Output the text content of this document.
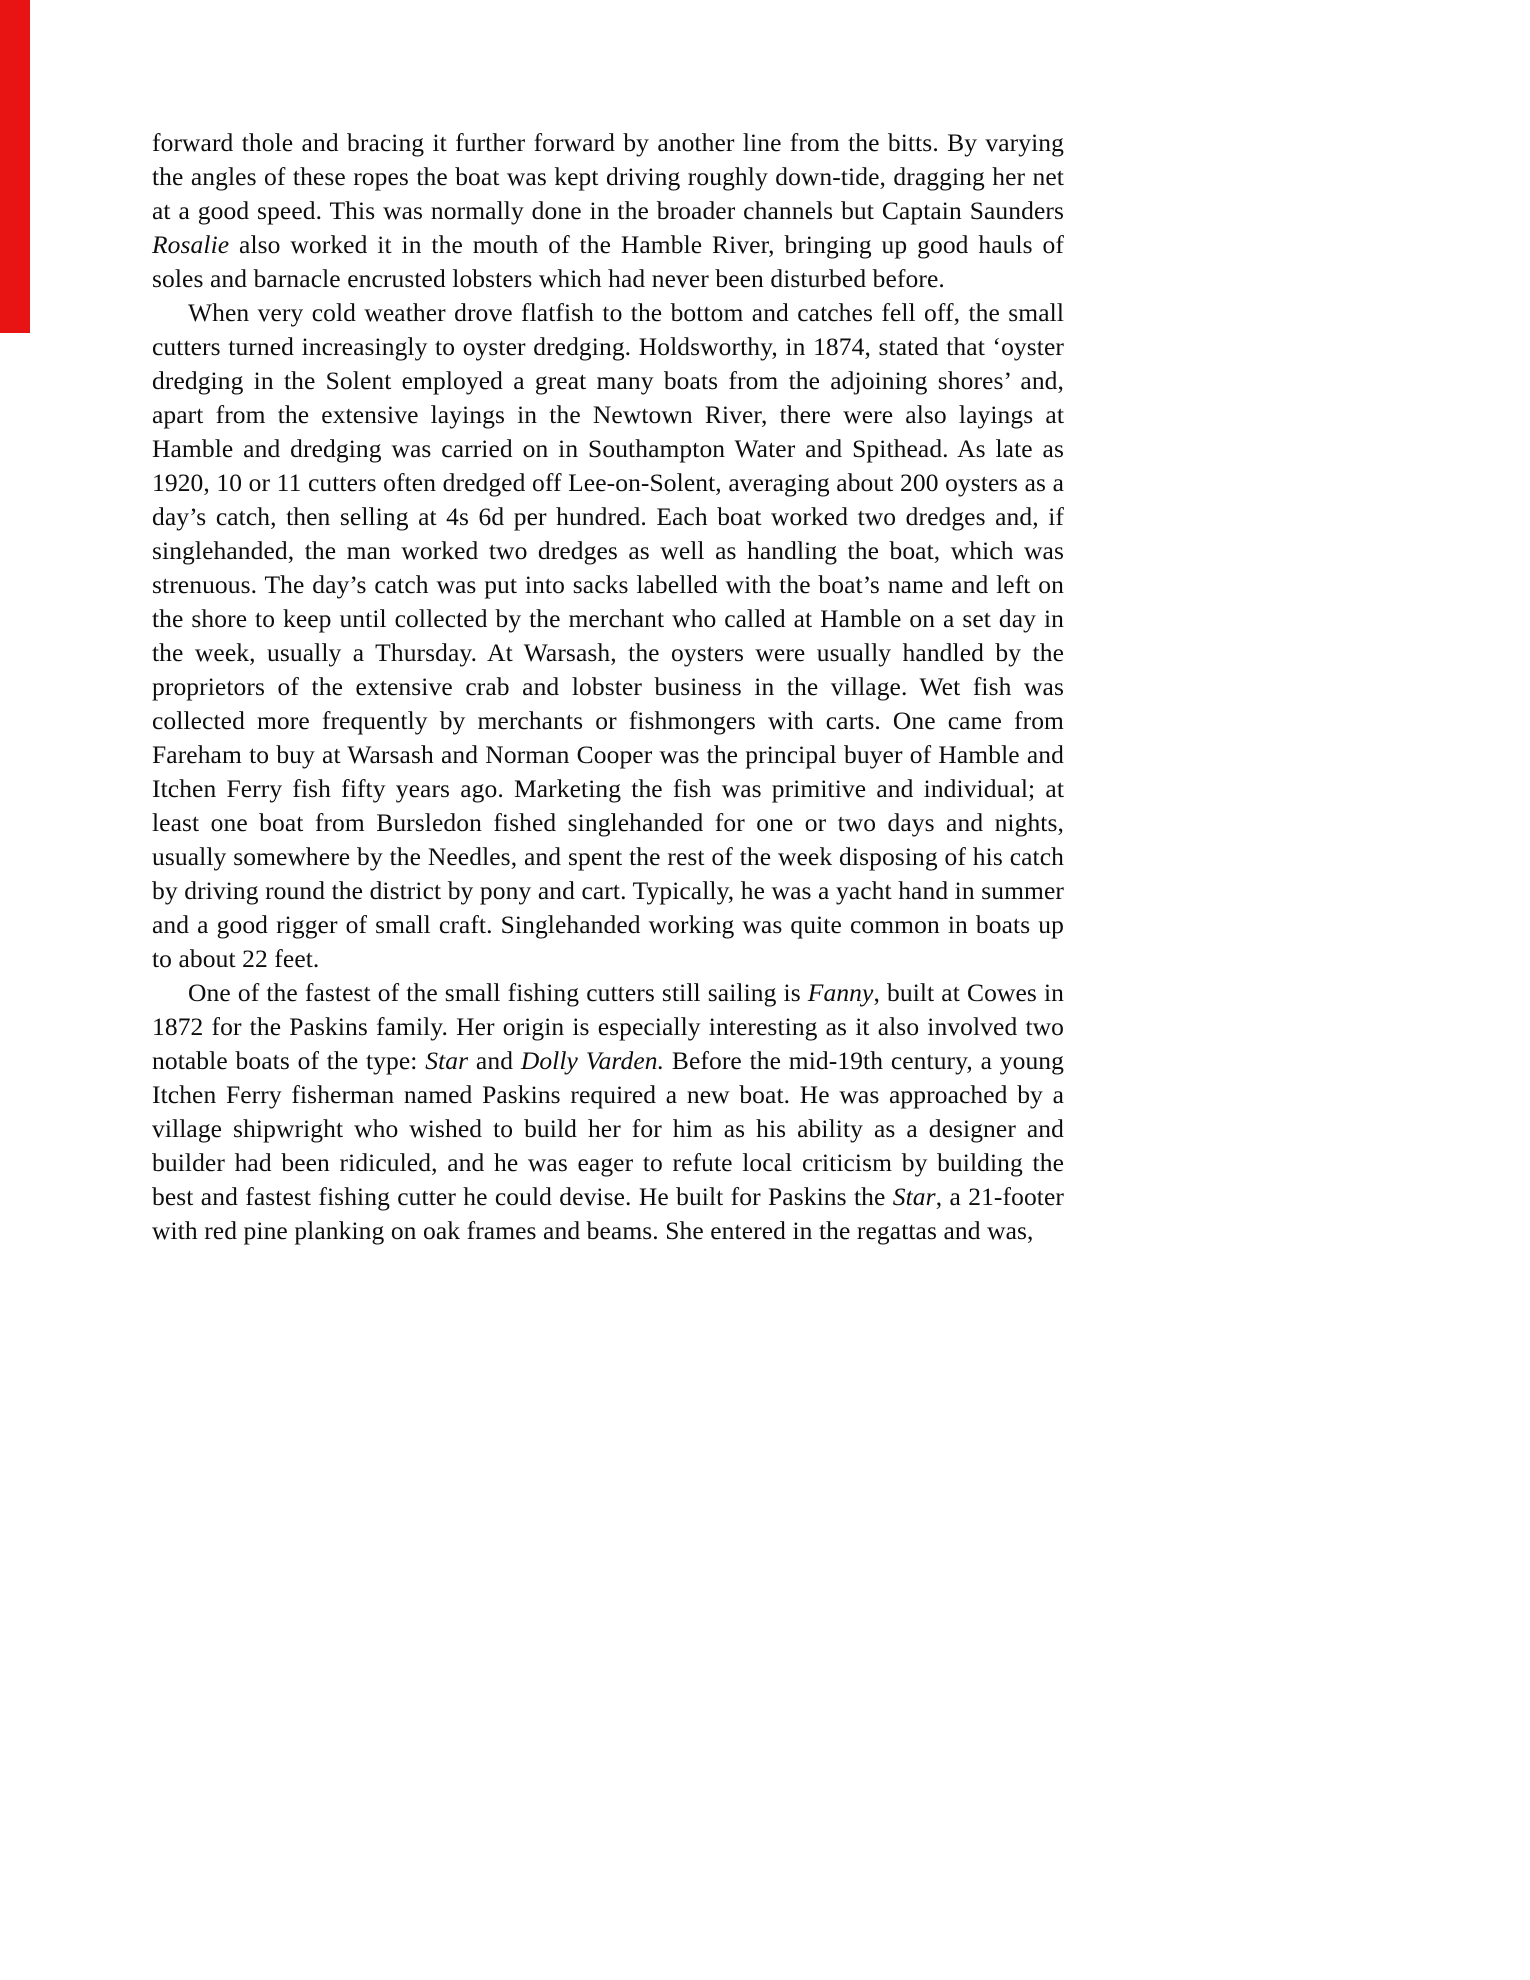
forward thole and bracing it further forward by another line from the bitts. By varying the angles of these ropes the boat was kept driving roughly down-tide, dragging her net at a good speed. This was normally done in the broader channels but Captain Saunders Rosalie also worked it in the mouth of the Hamble River, bringing up good hauls of soles and barnacle encrusted lobsters which had never been disturbed before.

When very cold weather drove flatfish to the bottom and catches fell off, the small cutters turned increasingly to oyster dredging. Holdsworthy, in 1874, stated that ‘oyster dredging in the Solent employed a great many boats from the adjoining shores’ and, apart from the extensive layings in the Newtown River, there were also layings at Hamble and dredging was carried on in Southampton Water and Spithead. As late as 1920, 10 or 11 cutters often dredged off Lee-on-Solent, averaging about 200 oysters as a day’s catch, then selling at 4s 6d per hundred. Each boat worked two dredges and, if singlehanded, the man worked two dredges as well as handling the boat, which was strenuous. The day’s catch was put into sacks labelled with the boat’s name and left on the shore to keep until collected by the merchant who called at Hamble on a set day in the week, usually a Thursday. At Warsash, the oysters were usually handled by the proprietors of the extensive crab and lobster business in the village. Wet fish was collected more frequently by merchants or fishmongers with carts. One came from Fareham to buy at Warsash and Norman Cooper was the principal buyer of Hamble and Itchen Ferry fish fifty years ago. Marketing the fish was primitive and individual; at least one boat from Bursledon fished singlehanded for one or two days and nights, usually somewhere by the Needles, and spent the rest of the week disposing of his catch by driving round the district by pony and cart. Typically, he was a yacht hand in summer and a good rigger of small craft. Singlehanded working was quite common in boats up to about 22 feet.

One of the fastest of the small fishing cutters still sailing is Fanny, built at Cowes in 1872 for the Paskins family. Her origin is especially interesting as it also involved two notable boats of the type: Star and Dolly Varden. Before the mid-19th century, a young Itchen Ferry fisherman named Paskins required a new boat. He was approached by a village shipwright who wished to build her for him as his ability as a designer and builder had been ridiculed, and he was eager to refute local criticism by building the best and fastest fishing cutter he could devise. He built for Paskins the Star, a 21-footer with red pine planking on oak frames and beams. She entered in the regattas and was,
